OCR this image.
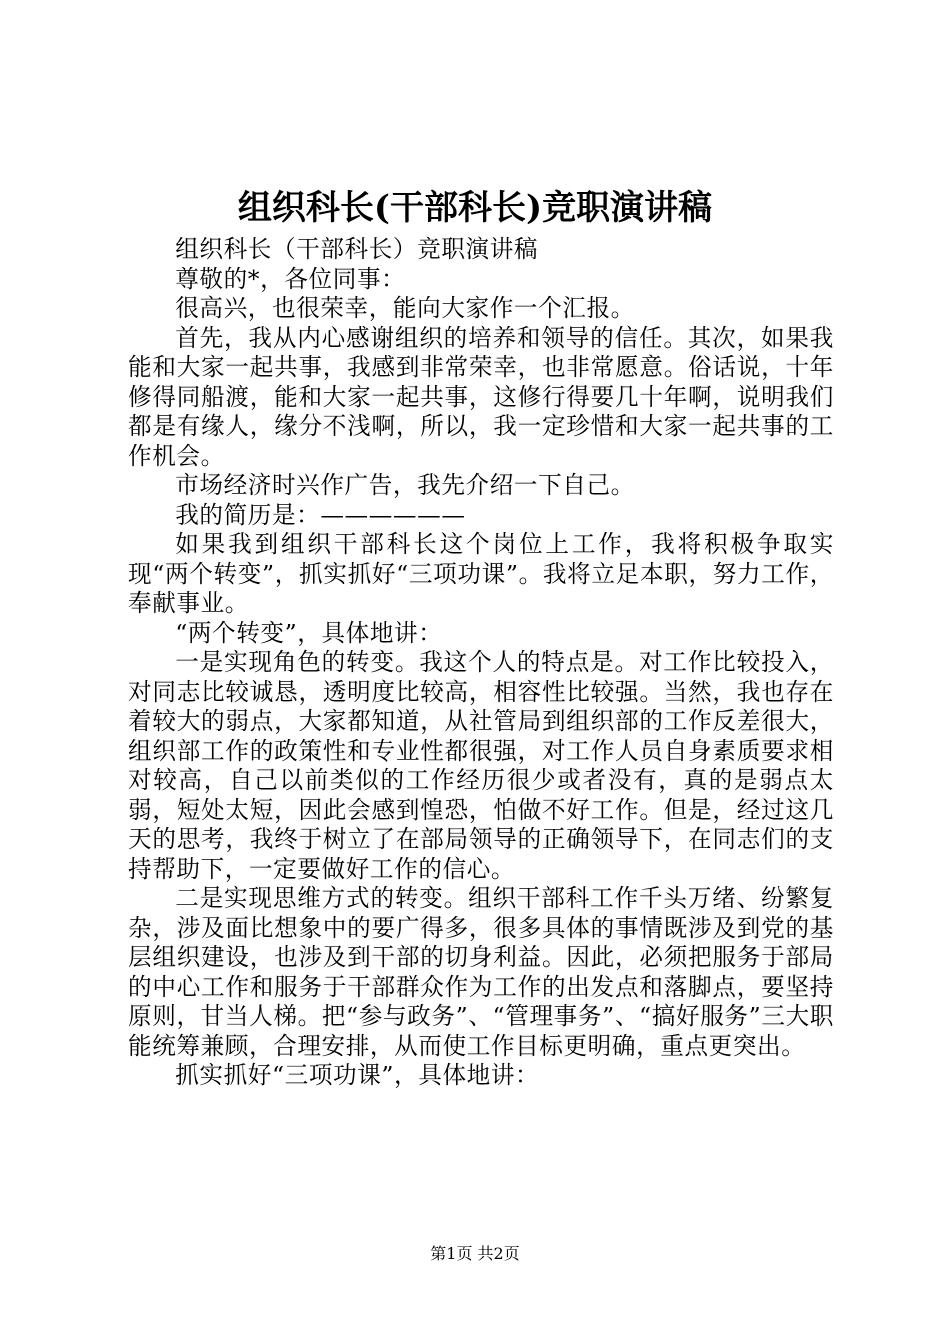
组织科长(干部科长)竞职演讲稿

组织科长（干部科长）竞职演讲稿

尊敬的*，各位同事：

很高兴，也很荣幸，能向大家作一个汇报。

首先，我从内心感谢组织的培养和领导的信任。其次，如果我能和大家一起共事，我感到非常荣幸，也非常愿意。俗话说，十年修得同船渡，能和大家一起共事，这修行得要几十年啊，说明我们都是有缘人，缘分不浅啊，所以，我一定珍惜和大家一起共事的工作机会。

市场经济时兴作广告，我先介绍一下自己。

我的简历是：——————

如果我到组织干部科长这个岗位上工作，我将积极争取实现“两个转变”，抓实抓好“三项功课”。我将立足本职，努力工作，奉献事业。

“两个转变”，具体地讲：

一是实现角色的转变。我这个人的特点是。对工作比较投入，对同志比较诚恳，透明度比较高，相容性比较强。当然，我也存在着较大的弱点，大家都知道，从社管局到组织部的工作反差很大，组织部工作的政策性和专业性都很强，对工作人员自身素质要求相对较高，自己以前类似的工作经历很少或者没有，真的是弱点太弱，短处太短，因此会感到惶恐，怕做不好工作。但是，经过这几天的思考，我终于树立了在部局领导的正确领导下，在同志们的支持帮助下，一定要做好工作的信心。

二是实现思维方式的转变。组织干部科工作千头万绪、纷繁复杂，涉及面比想象中的要广得多，很多具体的事情既涉及到党的基层组织建设，也涉及到干部的切身利益。因此，必须把服务于部局的中心工作和服务于干部群众作为工作的出发点和落脚点，要坚持原则，甘当人梯。把“参与政务”、“管理事务”、“搞好服务”三大职能统筹兼顾，合理安排，从而使工作目标更明确，重点更突出。

抓实抓好“三项功课”，具体地讲：

第1页 共2页
